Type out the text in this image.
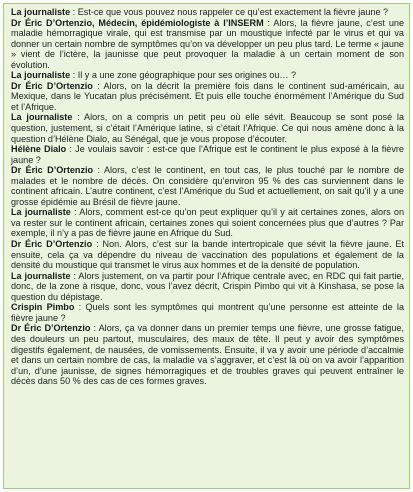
La journaliste : Est-ce que vous pouvez nous rappeler ce qu’est exactement la fièvre jaune ?

Dr Éric D’Ortenzio, Médecin, épidémiologiste à l’INSERM : Alors, la fièvre jaune, c’est une maladie hémorragique virale, qui est transmise par un moustique infecté par le virus et qui va donner un certain nombre de symptômes qu’on va développer un peu plus tard. Le terme « jaune » vient de l’ictère, la jaunisse que peut provoquer la maladie à un certain moment de son évolution.

La journaliste : Il y a une zone géographique pour ses origines ou… ?

Dr Éric D’Ortenzio : Alors, on la décrit la première fois dans le continent sud-américain, au Mexique, dans le Yucatan plus précisément. Et puis elle touche énormément l’Amérique du Sud et l’Afrique.

La journaliste : Alors, on a compris un petit peu où elle sévit. Beaucoup se sont posé la question, justement, si c’était l’Amérique latine, si c’était l’Afrique. Ce qui nous amène donc à la question d’Hélène Dialo, au Sénégal, que je vous propose d’écouter.

Hélène Dialo : Je voulais savoir : est-ce que l’Afrique est le continent le plus exposé à la fièvre jaune ?

Dr Éric D’Ortenzio : Alors, c’est le continent, en tout cas, le plus touché par le nombre de malades et le nombre de décès. On considère qu’environ 95 % des cas surviennent dans le continent africain. L’autre continent, c’est l’Amérique du Sud et actuellement, on sait qu’il y a une grosse épidémie au Brésil de fièvre jaune.

La journaliste : Alors, comment est-ce qu’on peut expliquer qu’il y ait certaines zones, alors on va rester sur le continent africain, certaines zones qui soient concernées plus que d’autres ? Par exemple, il n’y a pas de fièvre jaune en Afrique du Sud.

Dr Éric D’Ortenzio : Non. Alors, c’est sur la bande intertropicale que sévit la fièvre jaune. Et ensuite, cela ça va dépendre du niveau de vaccination des populations et également de la densité du moustique qui transmet le virus aux hommes et de la densité de population.

La journaliste : Alors justement, on va partir pour l’Afrique centrale avec, en RDC qui fait partie, donc, de la zone à risque, donc, vous l’avez décrit, Crispin Pimbo qui vit à Kinshasa, se pose la question du dépistage.

Crispin Pimbo : Quels sont les symptômes qui montrent qu’une personne est atteinte de la fièvre jaune ?

Dr Éric D’Ortenzio : Alors, ça va donner dans un premier temps une fièvre, une grosse fatigue, des douleurs un peu partout, musculaires, des maux de tête. Il peut y avoir des symptômes digestifs également, de nausées, de vomissements. Ensuite, il va y avoir une période d’accalmie et dans un certain nombre de cas, la maladie va s’aggraver, et c’est là où on va avoir l’apparition d’un, d’une jaunisse, de signes hémorragiques et de troubles graves qui peuvent entraîner le décès dans 50 % des cas de ces formes graves.
